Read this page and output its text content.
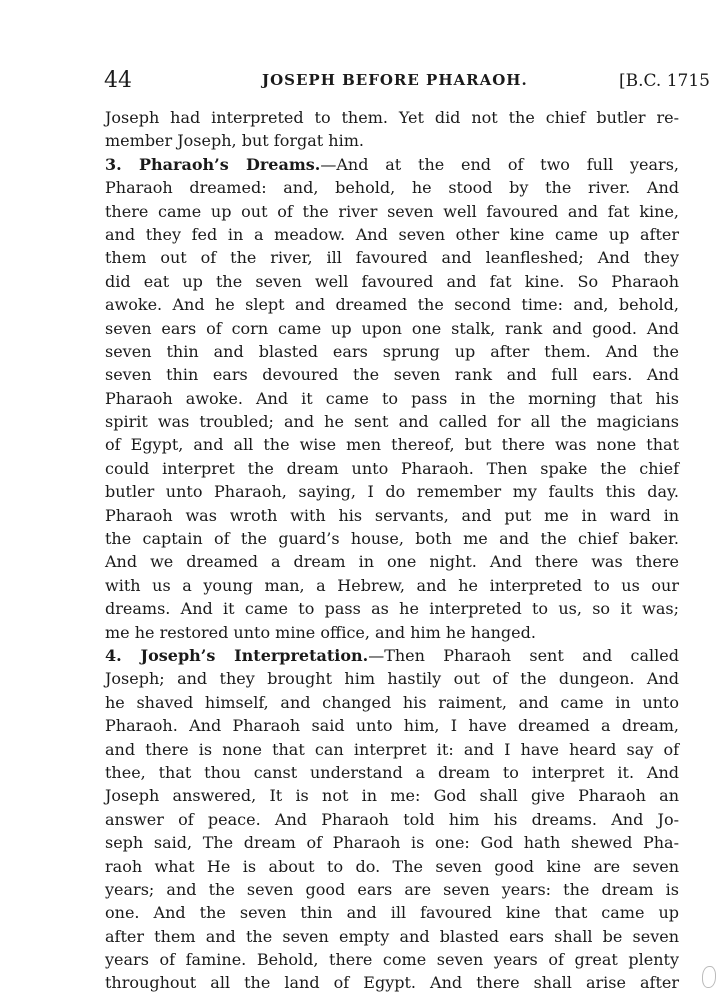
44	JOSEPH BEFORE PHARAOH.	[B.C. 1715
Joseph had interpreted to them. Yet did not the chief butler re-
member Joseph, but forgat him.
3. Pharaoh’s Dreams.—And at the end of two full years,
Pharaoh dreamed: and, behold, he stood by the river. And
there came up out of the river seven well favoured and fat kine,
and they fed in a meadow. And seven other kine came up after
them out of the river, ill favoured and leanfleshed; And they
did eat up the seven well favoured and fat kine. So Pharaoh
awoke. And he slept and dreamed the second time: and, behold,
seven ears of corn came up upon one stalk, rank and good. And
seven thin and blasted ears sprung up after them. And the
seven thin ears devoured the seven rank and full ears. And
Pharaoh awoke. And it came to pass in the morning that his
spirit was troubled; and he sent and called for all the magicians
of Egypt, and all the wise men thereof, but there was none that
could interpret the dream unto Pharaoh. Then spake the chief
butler unto Pharaoh, saying, I do remember my faults this day.
Pharaoh was wroth with his servants, and put me in ward in
the captain of the guard’s house, both me and the chief baker.
And we dreamed a dream in one night. And there was there
with us a young man, a Hebrew, and he interpreted to us our
dreams. And it came to pass as he interpreted to us, so it was;
me he restored unto mine office, and him he hanged.
4. Joseph’s Interpretation.—Then Pharaoh sent and called
Joseph; and they brought him hastily out of the dungeon. And
he shaved himself, and changed his raiment, and came in unto
Pharaoh. And Pharaoh said unto him, I have dreamed a dream,
and there is none that can interpret it: and I have heard say of
thee, that thou canst understand a dream to interpret it. And
Joseph answered, It is not in me: God shall give Pharaoh an
answer of peace. And Pharaoh told him his dreams. And Jo-
seph said, The dream of Pharaoh is one: God hath shewed Pha-
raoh what He is about to do. The seven good kine are seven
years; and the seven good ears are seven years: the dream is
one. And the seven thin and ill favoured kine that came up
after them and the seven empty and blasted ears shall be seven
years of famine. Behold, there come seven years of great plenty
throughout all the land of Egypt. And there shall arise after
